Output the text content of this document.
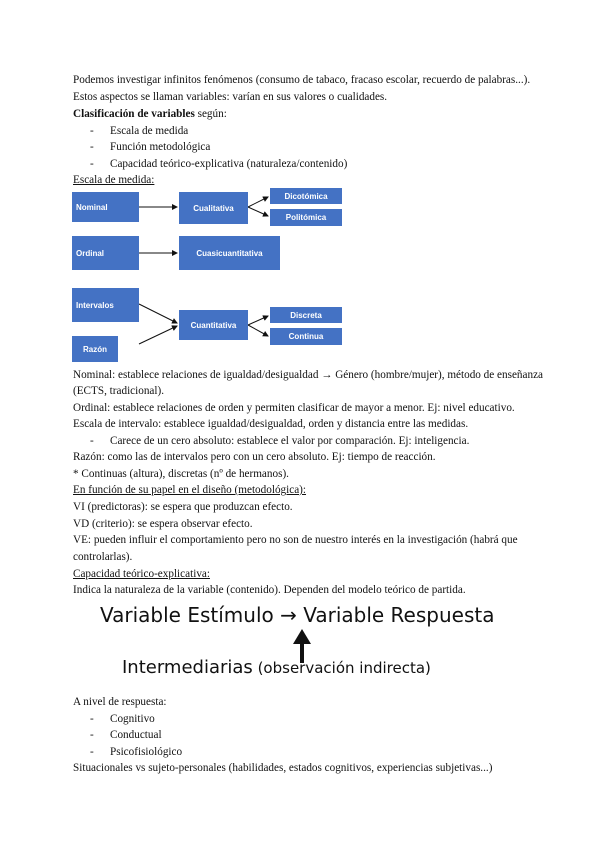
Podemos investigar infinitos fenómenos (consumo de tabaco, fracaso escolar, recuerdo de palabras...).
Estos aspectos se llaman variables: varían en sus valores o cualidades.
Clasificación de variables según:
- Escala de medida
- Función metodológica
- Capacidad teórico-explicativa (naturaleza/contenido)
Escala de medida:
Nominal
Ordinal
Intervalos
Razón
Cualitativa
Cuasicuantitativa
Cuantitativa
Dicotómica
Politómica
Discreta
Continua
Nominal: establece relaciones de igualdad/desigualdad → Género (hombre/mujer), método de enseñanza
(ECTS, tradicional).
Ordinal: establece relaciones de orden y permiten clasificar de mayor a menor. Ej: nivel educativo.
Escala de intervalo: establece igualdad/desigualdad, orden y distancia entre las medidas.
- Carece de un cero absoluto: establece el valor por comparación. Ej: inteligencia.
Razón: como las de intervalos pero con un cero absoluto. Ej: tiempo de reacción.
* Continuas (altura), discretas (nº de hermanos).
En función de su papel en el diseño (metodológica):
VI (predictoras): se espera que produzcan efecto.
VD (criterio): se espera observar efecto.
VE: pueden influir el comportamiento pero no son de nuestro interés en la investigación (habrá que
controlarlas).
Capacidad teórico-explicativa:
Indica la naturaleza de la variable (contenido). Dependen del modelo teórico de partida.
Variable Estímulo → Variable Respuesta
Intermediarias (observación indirecta)
A nivel de respuesta:
- Cognitivo
- Conductual
- Psicofisiológico
Situacionales vs sujeto-personales (habilidades, estados cognitivos, experiencias subjetivas...)
